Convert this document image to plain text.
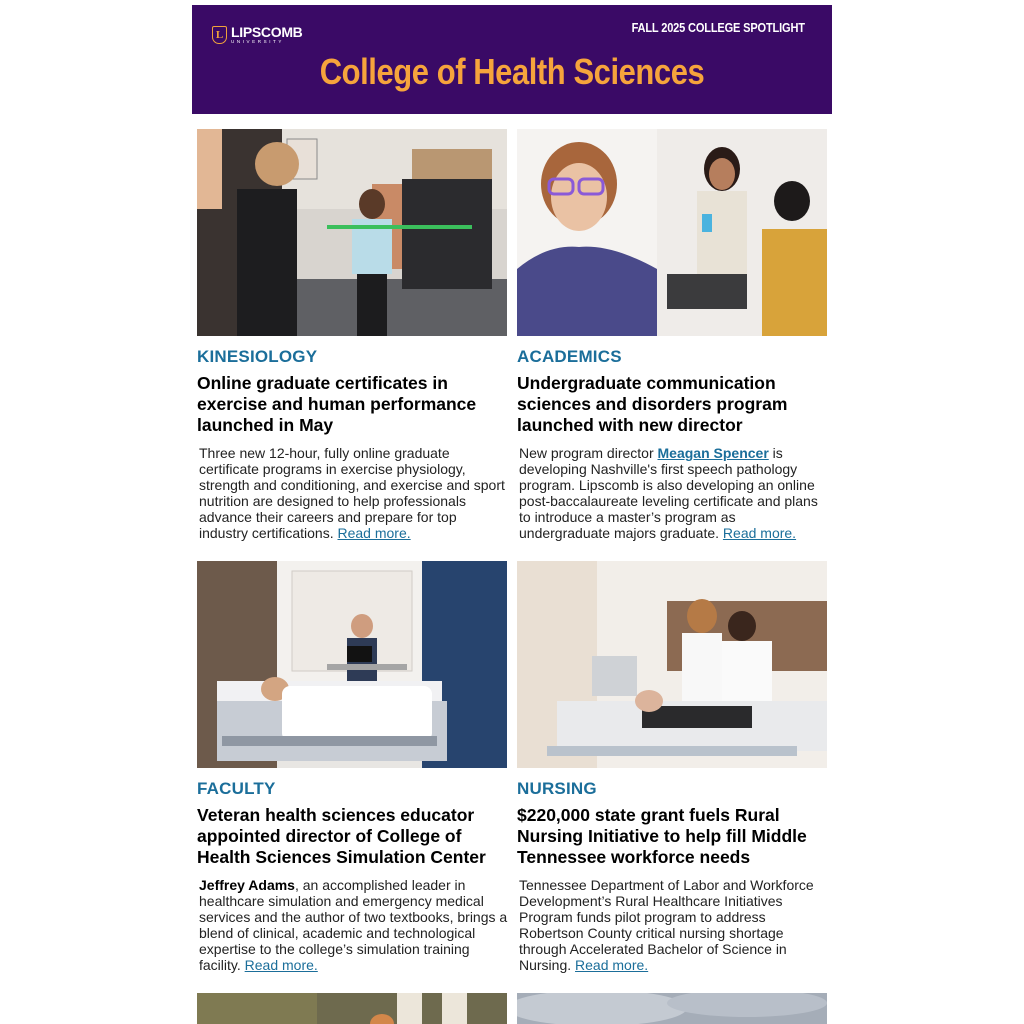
L LIPSCOMB
UNIVERSITY
FALL 2025 COLLEGE SPOTLIGHT
College of Health Sciences
KINESIOLOGY
Online graduate certificates in exercise and human performance launched in May
Three new 12-hour, fully online graduate certificate programs in exercise physiology, strength and conditioning, and exercise and sport nutrition are designed to help professionals advance their careers and prepare for top industry certifications. Read more.
ACADEMICS
Undergraduate communication sciences and disorders program launched with new director
New program director Meagan Spencer is developing Nashville's first speech pathology program. Lipscomb is also developing an online post-baccalaureate leveling certificate and plans to introduce a master’s program as undergraduate majors graduate. Read more.
FACULTY
Veteran health sciences educator appointed director of College of Health Sciences Simulation Center
Jeffrey Adams, an accomplished leader in healthcare simulation and emergency medical services and the author of two textbooks, brings a blend of clinical, academic and technological expertise to the college’s simulation training facility. Read more.
NURSING
$220,000 state grant fuels Rural Nursing Initiative to help fill Middle Tennessee workforce needs
Tennessee Department of Labor and Workforce Development’s Rural Healthcare Initiatives Program funds pilot program to address Robertson County critical nursing shortage through Accelerated Bachelor of Science in Nursing. Read more.
